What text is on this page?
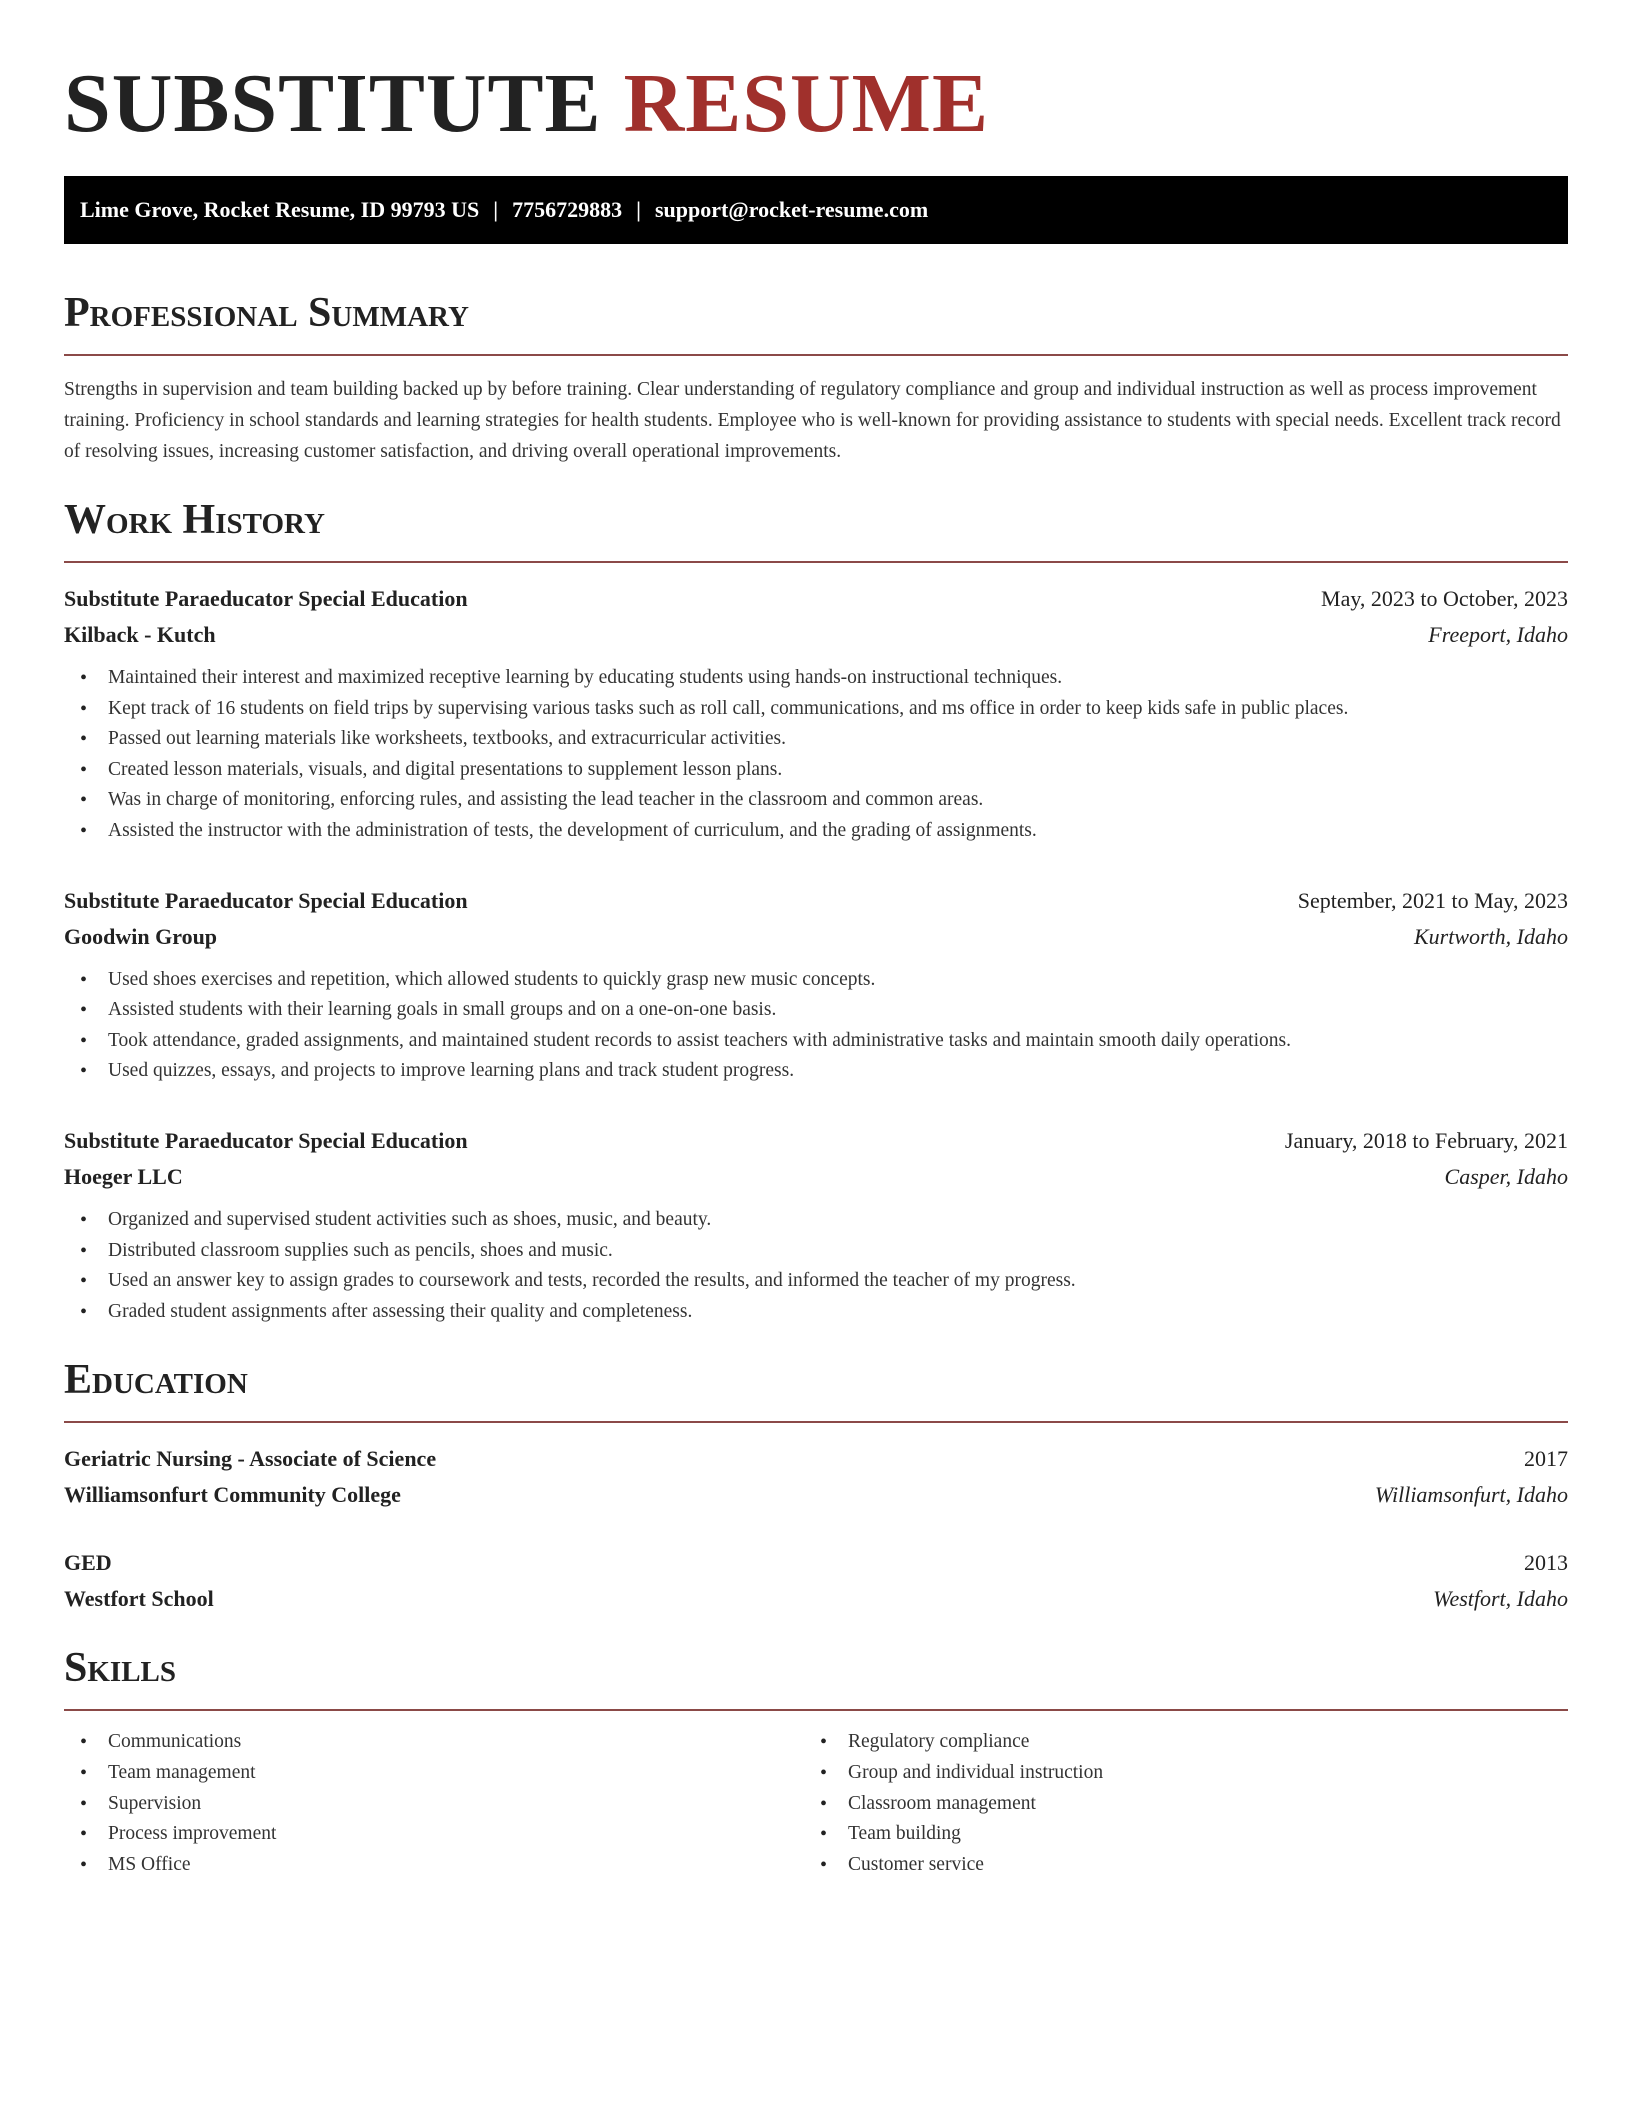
SUBSTITUTE RESUME
Lime Grove, Rocket Resume, ID 99793 US | 7756729883 | support@rocket-resume.com
Professional Summary

Strengths in supervision and team building backed up by before training. Clear understanding of regulatory compliance and group and individual instruction as well as process improvement training. Proficiency in school standards and learning strategies for health students. Employee who is well-known for providing assistance to students with special needs. Excellent track record of resolving issues, increasing customer satisfaction, and driving overall operational improvements.

Work History
Substitute Paraeducator Special Education	May, 2023 to October, 2023
Kilback - Kutch	Freeport, Idaho
• Maintained their interest and maximized receptive learning by educating students using hands-on instructional techniques.
• Kept track of 16 students on field trips by supervising various tasks such as roll call, communications, and ms office in order to keep kids safe in public places.
• Passed out learning materials like worksheets, textbooks, and extracurricular activities.
• Created lesson materials, visuals, and digital presentations to supplement lesson plans.
• Was in charge of monitoring, enforcing rules, and assisting the lead teacher in the classroom and common areas.
• Assisted the instructor with the administration of tests, the development of curriculum, and the grading of assignments.
Substitute Paraeducator Special Education	September, 2021 to May, 2023
Goodwin Group	Kurtworth, Idaho
• Used shoes exercises and repetition, which allowed students to quickly grasp new music concepts.
• Assisted students with their learning goals in small groups and on a one-on-one basis.
• Took attendance, graded assignments, and maintained student records to assist teachers with administrative tasks and maintain smooth daily operations.
• Used quizzes, essays, and projects to improve learning plans and track student progress.
Substitute Paraeducator Special Education	January, 2018 to February, 2021
Hoeger LLC	Casper, Idaho
• Organized and supervised student activities such as shoes, music, and beauty.
• Distributed classroom supplies such as pencils, shoes and music.
• Used an answer key to assign grades to coursework and tests, recorded the results, and informed the teacher of my progress.
• Graded student assignments after assessing their quality and completeness.
Education
Geriatric Nursing - Associate of Science	2017
Williamsonfurt Community College	Williamsonfurt, Idaho
GED	2013
Westfort School	Westfort, Idaho
Skills
• Communications
• Team management
• Supervision
• Process improvement
• MS Office
• Regulatory compliance
• Group and individual instruction
• Classroom management
• Team building
• Customer service
